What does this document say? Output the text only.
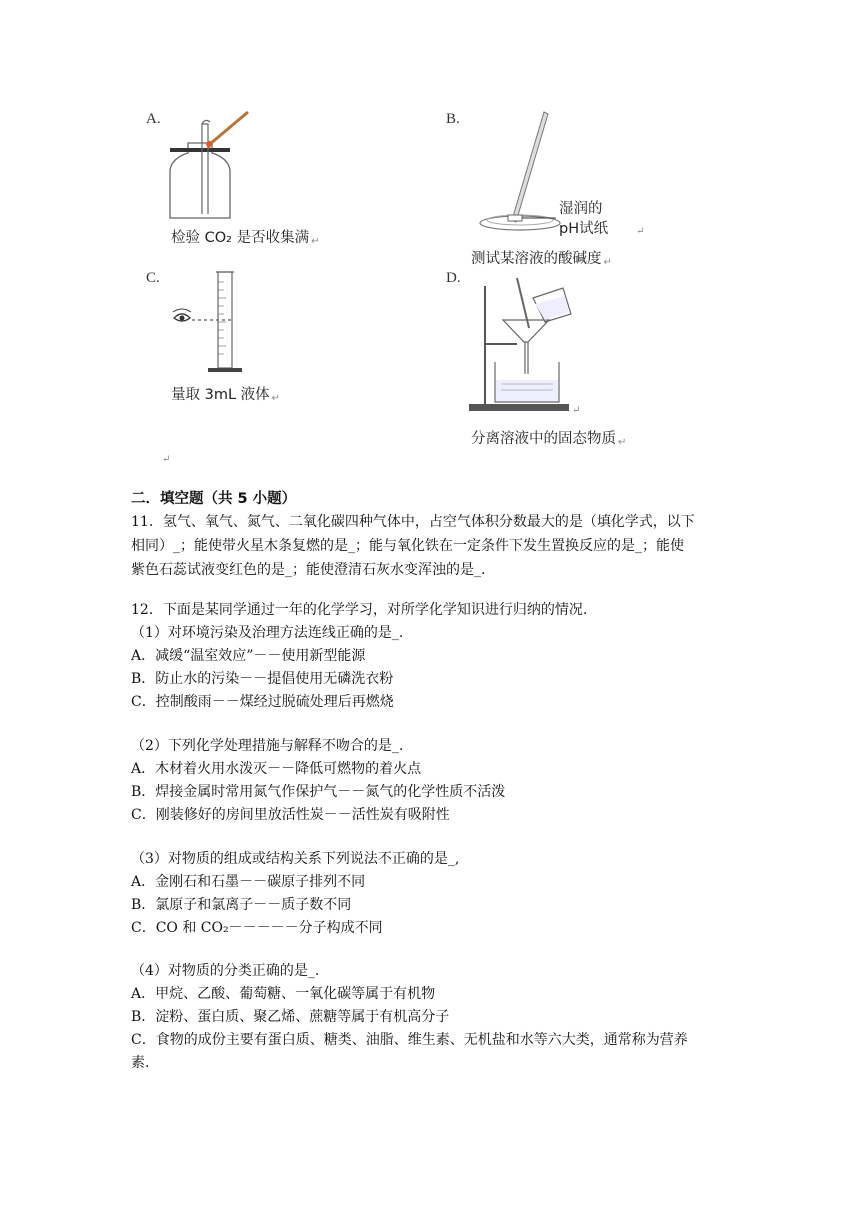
A.
检验 CO₂ 是否收集满 ↵
B.
湿润的
pH试纸
测试某溶液的酸碱度 ↵
↵
C.
量取 3mL 液体 ↵
D.
↵
分离溶液中的固态物质 ↵
↵
二．填空题（共 5 小题）
11．氢气、氧气、氮气、二氧化碳四种气体中，占空气体积分数最大的是（填化学式，以下
相同）_；能使带火星木条复燃的是_；能与氧化铁在一定条件下发生置换反应的是_；能使
紫色石蕊试液变红色的是_；能使澄清石灰水变浑浊的是_.
12．下面是某同学通过一年的化学学习，对所学化学知识进行归纳的情况.
（1）对环境污染及治理方法连线正确的是_.
A．减缓“温室效应”－－使用新型能源
B．防止水的污染－－提倡使用无磷洗衣粉
C．控制酸雨－－煤经过脱硫处理后再燃烧
（2）下列化学处理措施与解释不吻合的是_.
A．木材着火用水泼灭－－降低可燃物的着火点
B．焊接金属时常用氮气作保护气－－氮气的化学性质不活泼
C．刚装修好的房间里放活性炭－－活性炭有吸附性
（3）对物质的组成或结构关系下列说法不正确的是_,
A．金刚石和石墨－－碳原子排列不同
B．氯原子和氯离子－－质子数不同
C．CO 和 CO₂－－－－－分子构成不同
（4）对物质的分类正确的是_.
A．甲烷、乙酸、葡萄糖、一氧化碳等属于有机物
B．淀粉、蛋白质、聚乙烯、蔗糖等属于有机高分子
C．食物的成份主要有蛋白质、糖类、油脂、维生素、无机盐和水等六大类，通常称为营养
素.
